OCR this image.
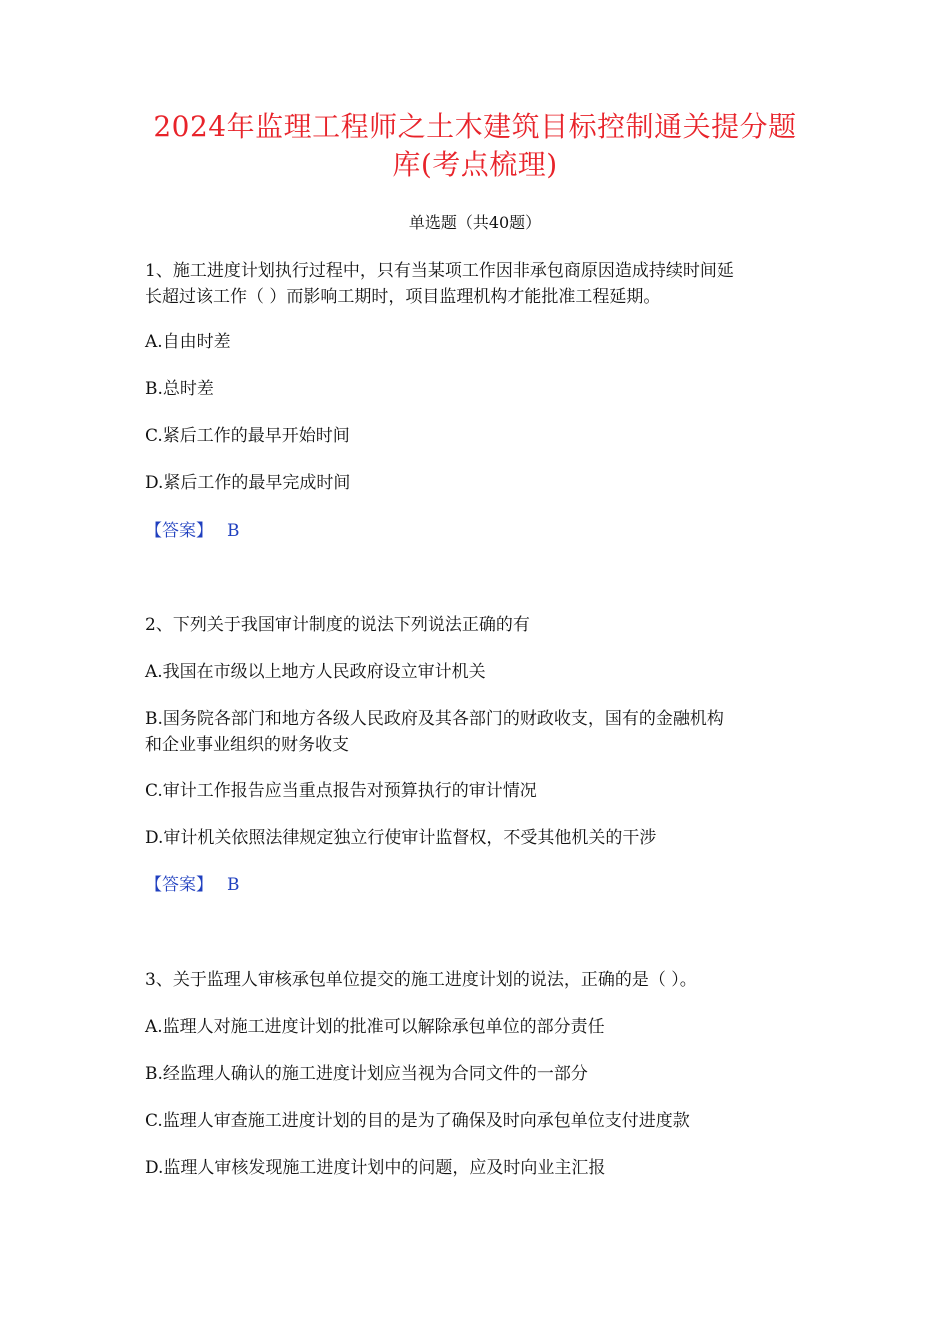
2024年监理工程师之土木建筑目标控制通关提分题
库(考点梳理)
单选题（共40题）
1、施工进度计划执行过程中，只有当某项工作因非承包商原因造成持续时间延
长超过该工作（ ）而影响工期时，项目监理机构才能批准工程延期。
A.自由时差
B.总时差
C.紧后工作的最早开始时间
D.紧后工作的最早完成时间
【答案】 B
2、下列关于我国审计制度的说法下列说法正确的有
A.我国在市级以上地方人民政府设立审计机关
B.国务院各部门和地方各级人民政府及其各部门的财政收支，国有的金融机构
和企业事业组织的财务收支
C.审计工作报告应当重点报告对预算执行的审计情况
D.审计机关依照法律规定独立行使审计监督权，不受其他机关的干涉
【答案】 B
3、关于监理人审核承包单位提交的施工进度计划的说法，正确的是（ ）。
A.监理人对施工进度计划的批准可以解除承包单位的部分责任
B.经监理人确认的施工进度计划应当视为合同文件的一部分
C.监理人审查施工进度计划的目的是为了确保及时向承包单位支付进度款
D.监理人审核发现施工进度计划中的问题，应及时向业主汇报
